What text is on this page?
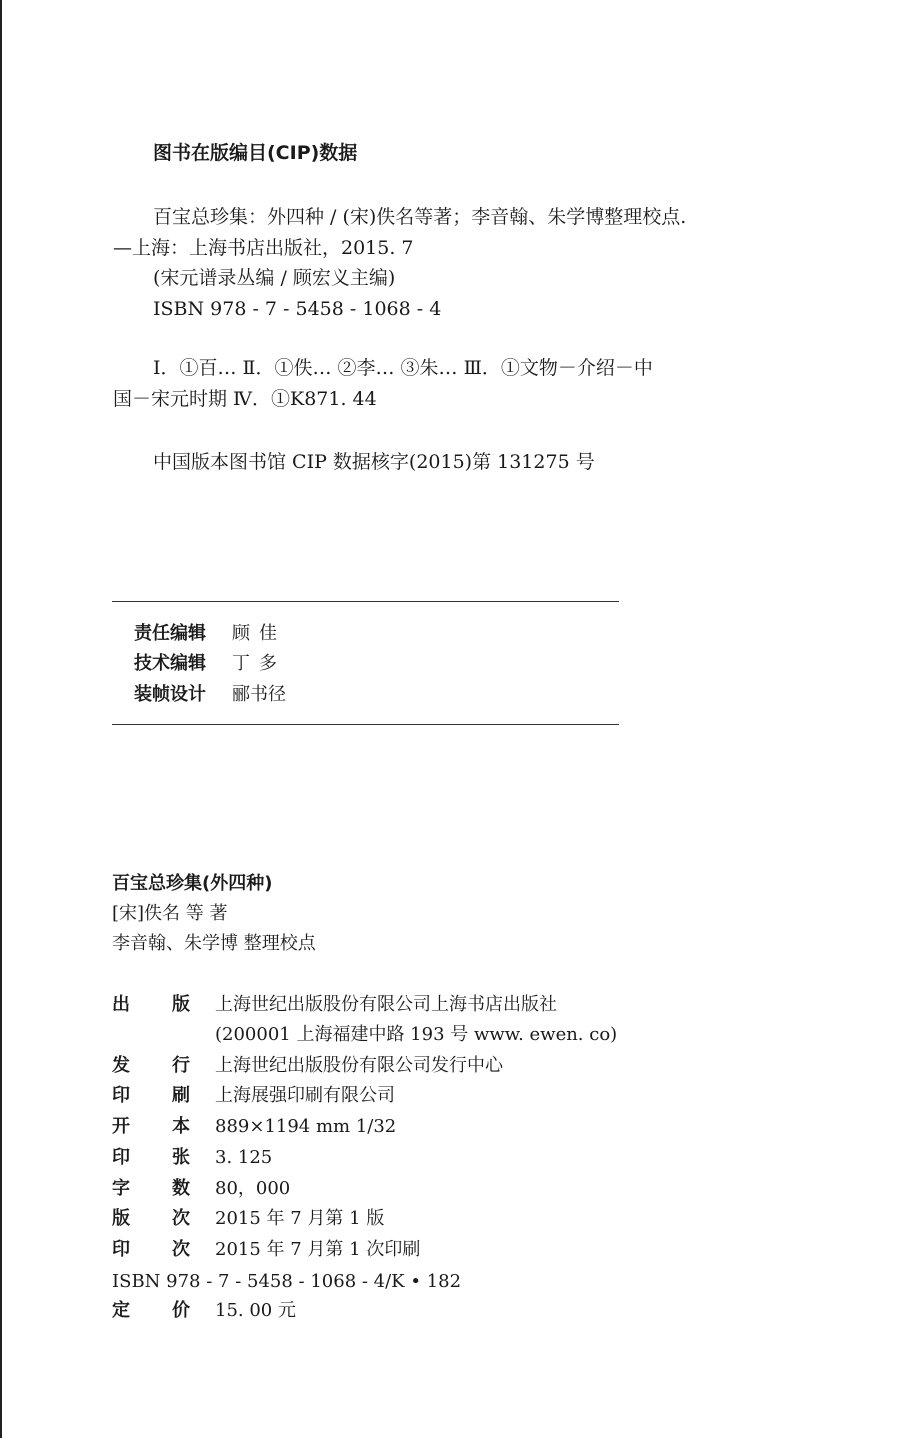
图书在版编目(CIP)数据
百宝总珍集：外四种 / (宋)佚名等著；李音翰、朱学博整理校点.
—上海：上海书店出版社，2015. 7
(宋元谱录丛编 / 顾宏义主编)
ISBN 978 - 7 - 5458 - 1068 - 4
Ⅰ．①百… Ⅱ．①佚… ②李… ③朱… Ⅲ．①文物－介绍－中
国－宋元时期 Ⅳ．①K871. 44
中国版本图书馆 CIP 数据核字(2015)第 131275 号
责任编辑 顾佳
技术编辑 丁多
装帧设计 郦书径
百宝总珍集(外四种)
[宋]佚名 等 著
李音翰、朱学博 整理校点
出	版	上海世纪出版股份有限公司上海书店出版社
(200001 上海福建中路 193 号 www. ewen. co)
发	行	上海世纪出版股份有限公司发行中心
印	刷	上海展强印刷有限公司
开	本	889×1194 mm 1/32
印	张	3. 125
字	数	80，000
版	次	2015 年 7 月第 1 版
印	次	2015 年 7 月第 1 次印刷
ISBN 978 - 7 - 5458 - 1068 - 4/K • 182
定	价	15. 00 元
